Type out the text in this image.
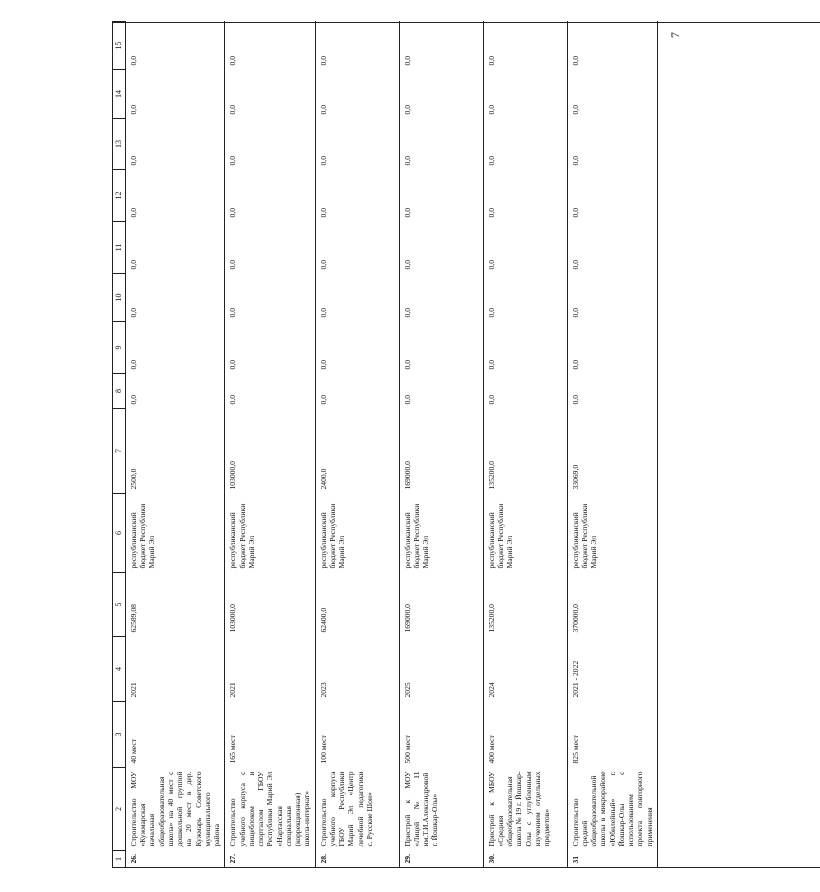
7
1	2	3	4	5	6	7	8	9	10	11	12	13	14	15
26.	Строительство МОУ «Кужмарская начальная общеобразовательная школа» на 40 мест с дошкольной группой на 20 мест в дер. Кужмарь Советского муниципального района	40 мест	2021	62589,08	республиканский бюджет Республики Марий Эл	2500,0	0,0	0,0	0,0	0,0	0,0	0,0	0,0	0,0
27.	Строительство учебного корпуса с пищеблоком и спортзалом ГБОУ Республики Марий Эл «Нартасская специальная (коррекционная) школа-интернат»	165 мест	2021	103000,0	республиканский бюджет Республики Марий Эл	103000,0	0,0	0,0	0,0	0,0	0,0	0,0	0,0	0,0
28.	Строительство учебного корпуса ГБОУ Республики Марий Эл «Центр лечебной педагогики с. Русские Шои»	100 мест	2023	62400,0	республиканский бюджет Республики Марий Эл	2400,0	0,0	0,0	0,0	0,0	0,0	0,0	0,0	0,0
29.	Пристрой к МОУ «Лицей № 11 им.Т.И.Александровой г. Йошкар-Олы»	500 мест	2025	169000,0	республиканский бюджет Республики Марий Эл	169000,0	0,0	0,0	0,0	0,0	0,0	0,0	0,0	0,0
30.	Пристрой к МБОУ «Средняя общеобразовательная школа № 19 г. Йошкар-Олы с углубленным изучением отдельных предметов»	400 мест	2024	135200,0	республиканский бюджет Республики Марий Эл	135200,0	0,0	0,0	0,0	0,0	0,0	0,0	0,0	0,0
31	Строительство средней общеобразовательной школы в микрорайоне «Юбилейный» г. Йошкар-Олы с использованием проекта повторного применения	825 мест	2021 - 2022	370000,0	республиканский бюджет Республики Марий Эл	33069,0	0,0	0,0	0,0	0,0	0,0	0,0	0,0	0,0
